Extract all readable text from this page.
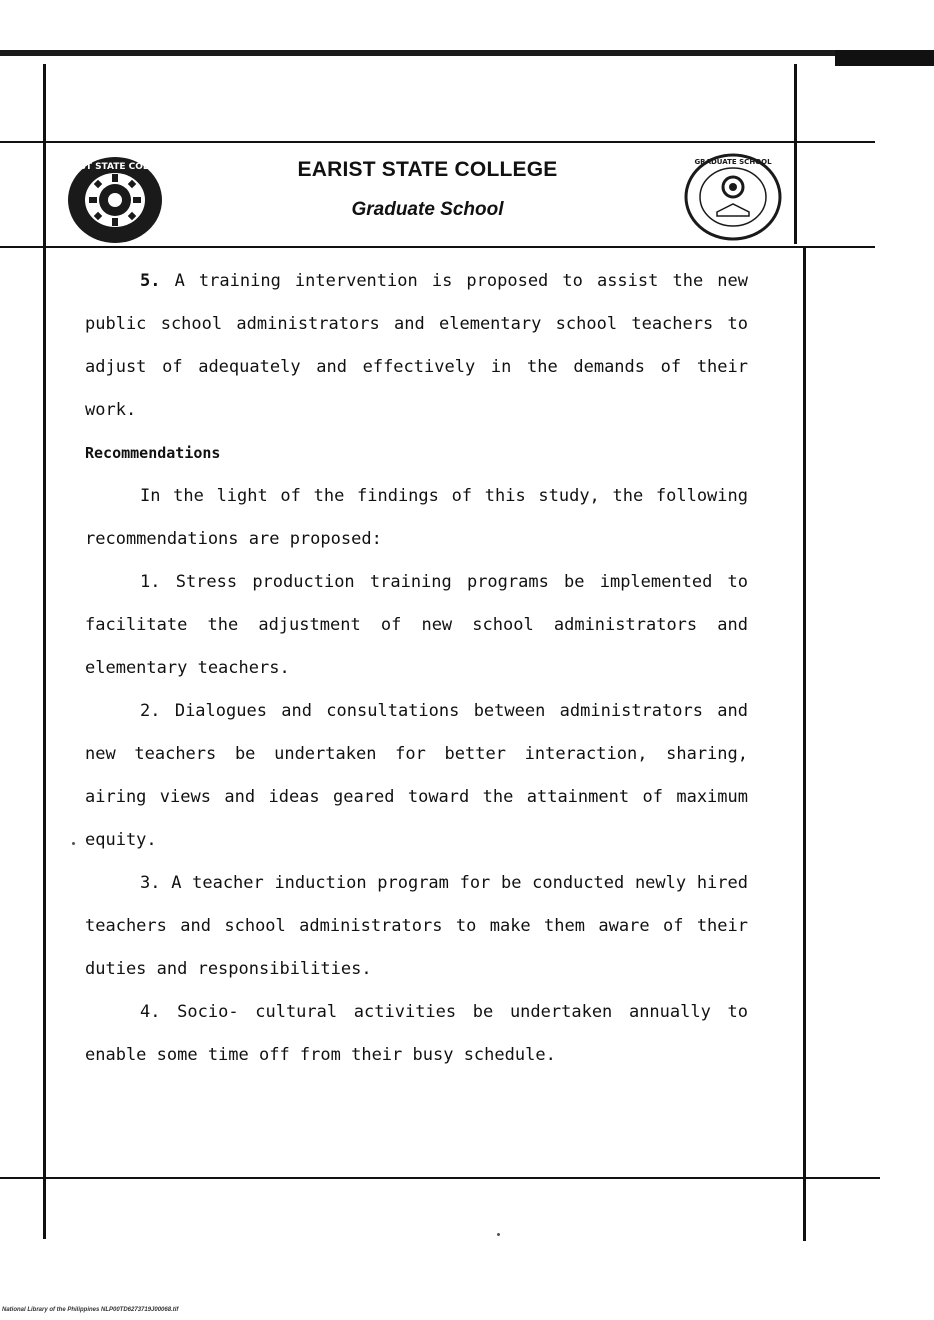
EARIST STATE COLLEGE	GRADUATE SCHOOL
EARIST STATE COLLEGE
Graduate School

5. A training intervention is proposed to assist the new public school administrators and elementary school teachers to adjust of adequately and effectively in the demands of their work.

Recommendations

In the light of the findings of this study, the following recommendations are proposed:

1. Stress production training programs be implemented to facilitate the adjustment of new school administrators and elementary teachers.

2. Dialogues and consultations between administrators and new teachers be undertaken for better interaction, sharing, airing views and ideas geared toward the attainment of maximum equity.

3. A teacher induction program for be conducted newly hired teachers and school administrators to make them aware of their duties and responsibilities.

4. Socio- cultural activities be undertaken annually to enable some time off from their busy schedule.

National Library of the Philippines NLP00TD6273719J00068.tif
